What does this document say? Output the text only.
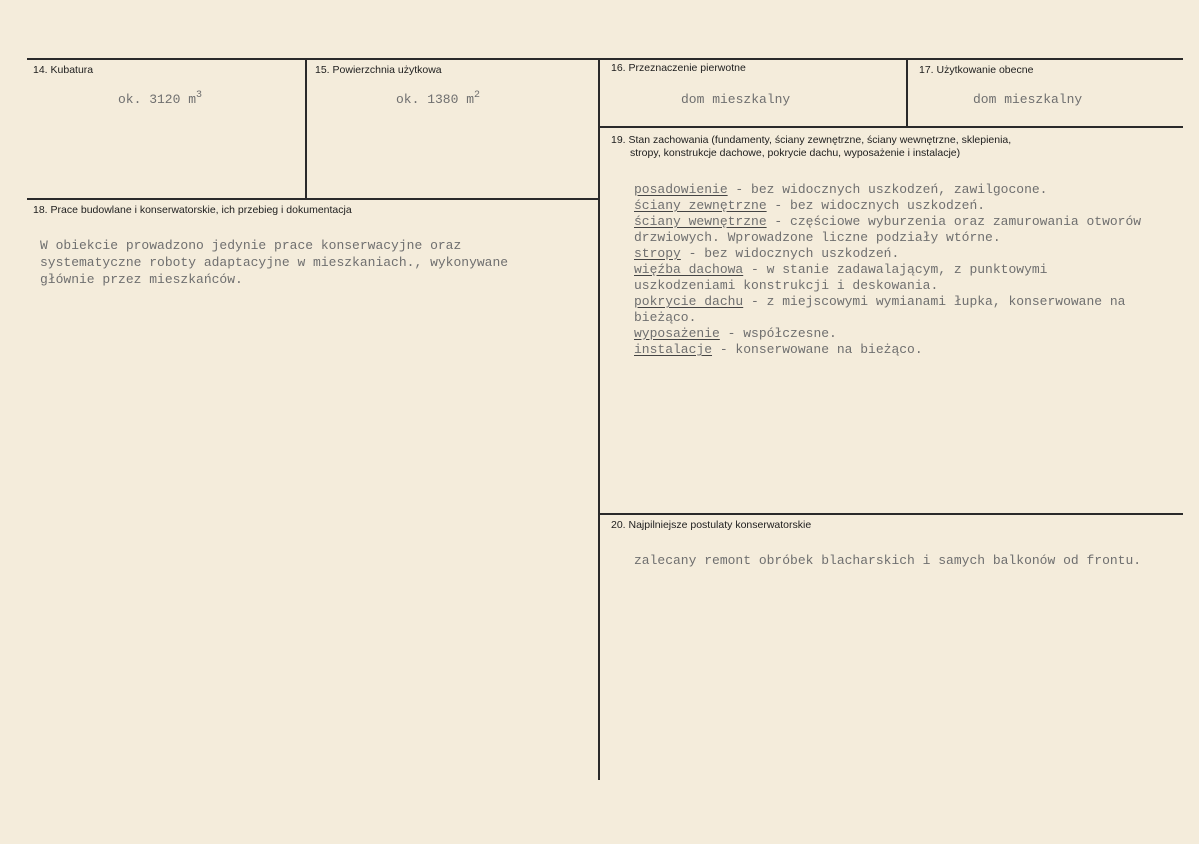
14. Kubatura
ok. 3120 $m^3$
15. Powierzchnia użytkowa
ok. 1380 $m^2$
16. Przeznaczenie pierwotne
dom mieszkalny
17. Użytkowanie obecne
dom mieszkalny
18. Prace budowlane i konserwatorskie, ich przebieg i dokumentacja
W obiekcie prowadzono jedynie prace konserwacyjne oraz
systematyczne roboty adaptacyjne w mieszkaniach., wykonywane
głównie przez mieszkańców.
19. Stan zachowania (fundamenty, ściany zewnętrzne, ściany wewnętrzne, sklepienia,
stropy, konstrukcje dachowe, pokrycie dachu, wyposażenie i instalacje)
posadowienie - bez widocznych uszkodzeń, zawilgocone.
ściany zewnętrzne - bez widocznych uszkodzeń.
ściany wewnętrzne - częściowe wyburzenia oraz zamurowania otworów
drzwiowych. Wprowadzone liczne podziały wtórne.
stropy - bez widocznych uszkodzeń.
więźba dachowa - w stanie zadawalającym, z punktowymi
uszkodzeniami konstrukcji i deskowania.
pokrycie dachu - z miejscowymi wymianami łupka, konserwowane na
bieżąco.
wyposażenie - współczesne.
instalacje - konserwowane na bieżąco.
20. Najpilniejsze postulaty konserwatorskie
zalecany remont obróbek blacharskich i samych balkonów od frontu.
